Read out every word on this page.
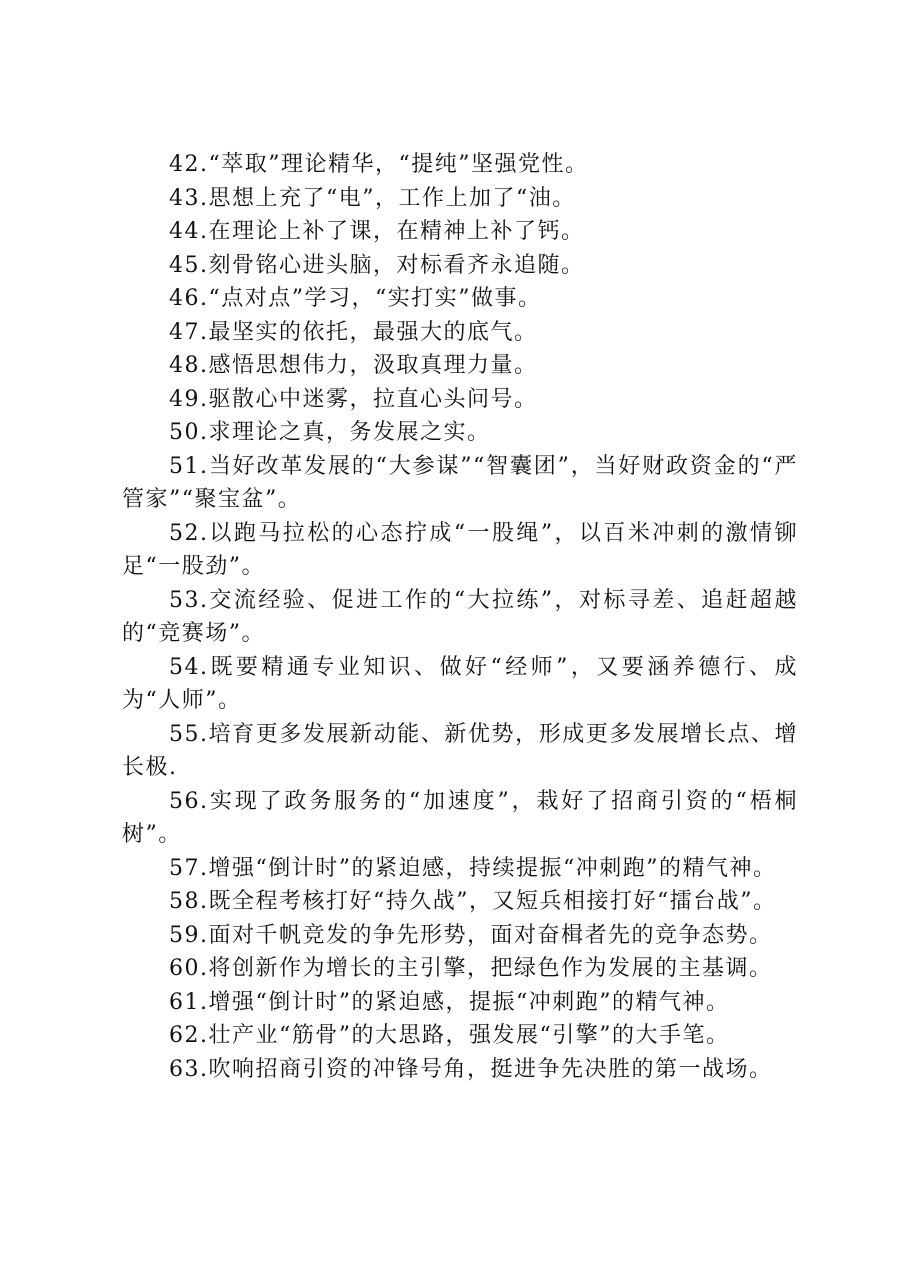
42.“萃取”理论精华，“提纯”坚强党性。

43.思想上充了“电”，工作上加了“油。

44.在理论上补了课，在精神上补了钙。

45.刻骨铭心进头脑，对标看齐永追随。

46.“点对点”学习，“实打实”做事。

47.最坚实的依托，最强大的底气。

48.感悟思想伟力，汲取真理力量。

49.驱散心中迷雾，拉直心头问号。

50.求理论之真，务发展之实。

51.当好改革发展的“大参谋”“智囊团”，当好财政资金的“严管家”“聚宝盆”。

52.以跑马拉松的心态拧成“一股绳”，以百米冲刺的激情铆足“一股劲”。

53.交流经验、促进工作的“大拉练”，对标寻差、追赶超越的“竞赛场”。

54.既要精通专业知识、做好“经师”，又要涵养德行、成为“人师”。

55.培育更多发展新动能、新优势，形成更多发展增长点、增长极.

56.实现了政务服务的“加速度”，栽好了招商引资的“梧桐树”。

57.增强“倒计时”的紧迫感，持续提振“冲刺跑”的精气神。

58.既全程考核打好“持久战”，又短兵相接打好“擂台战”。

59.面对千帆竞发的争先形势，面对奋楫者先的竞争态势。

60.将创新作为增长的主引擎，把绿色作为发展的主基调。

61.增强“倒计时”的紧迫感，提振“冲刺跑”的精气神。

62.壮产业“筋骨”的大思路，强发展“引擎”的大手笔。

63.吹响招商引资的冲锋号角，挺进争先决胜的第一战场。
